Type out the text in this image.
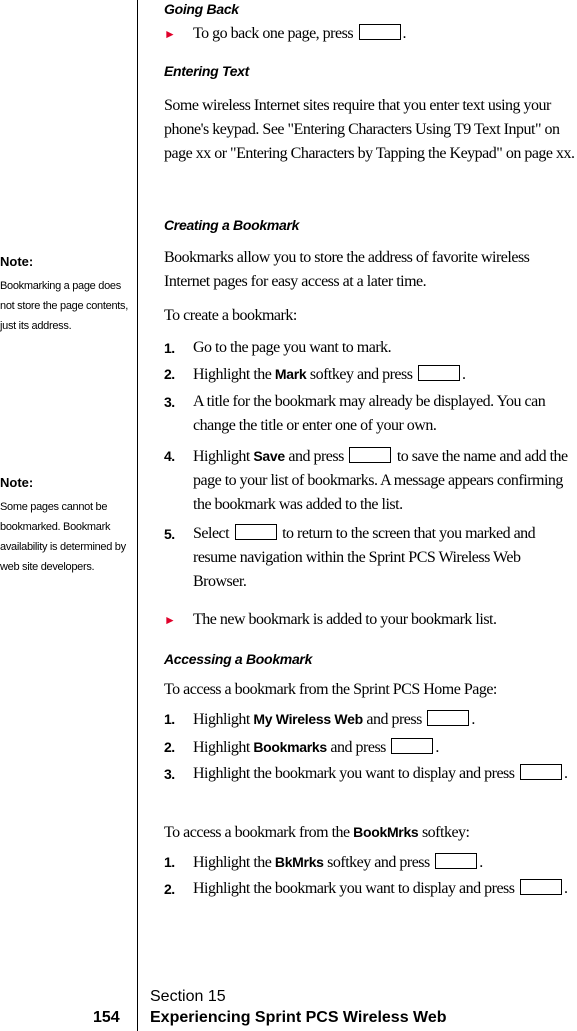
Note:
Bookmarking a page does not store the page contents, just its address.
Note:
Some pages cannot be bookmarked. Bookmark availability is determined by web site developers.
Going Back
► To go back one page, press	.
Entering Text
Some wireless Internet sites require that you enter text using your phone's keypad. See "Entering Characters Using T9 Text Input" on page xx or "Entering Characters by Tapping the Keypad" on page xx.
Creating a Bookmark
Bookmarks allow you to store the address of favorite wireless Internet pages for easy access at a later time.
To create a bookmark:
1. Go to the page you want to mark.
2. Highlight the Mark softkey and press	.
3. A title for the bookmark may already be displayed. You can change the title or enter one of your own.
4. Highlight Save and press	to save the name and add the page to your list of bookmarks. A message appears confirming the bookmark was added to the list.
5. Select	to return to the screen that you marked and resume navigation within the Sprint PCS Wireless Web Browser.
► The new bookmark is added to your bookmark list.
Accessing a Bookmark
To access a bookmark from the Sprint PCS Home Page:
1. Highlight My Wireless Web and press	.
2. Highlight Bookmarks and press	.
3. Highlight the bookmark you want to display and press	.
To access a bookmark from the BookMrks softkey:
1. Highlight the BkMrks softkey and press	.
2. Highlight the bookmark you want to display and press	.
Section 15
154 Experiencing Sprint PCS Wireless Web
